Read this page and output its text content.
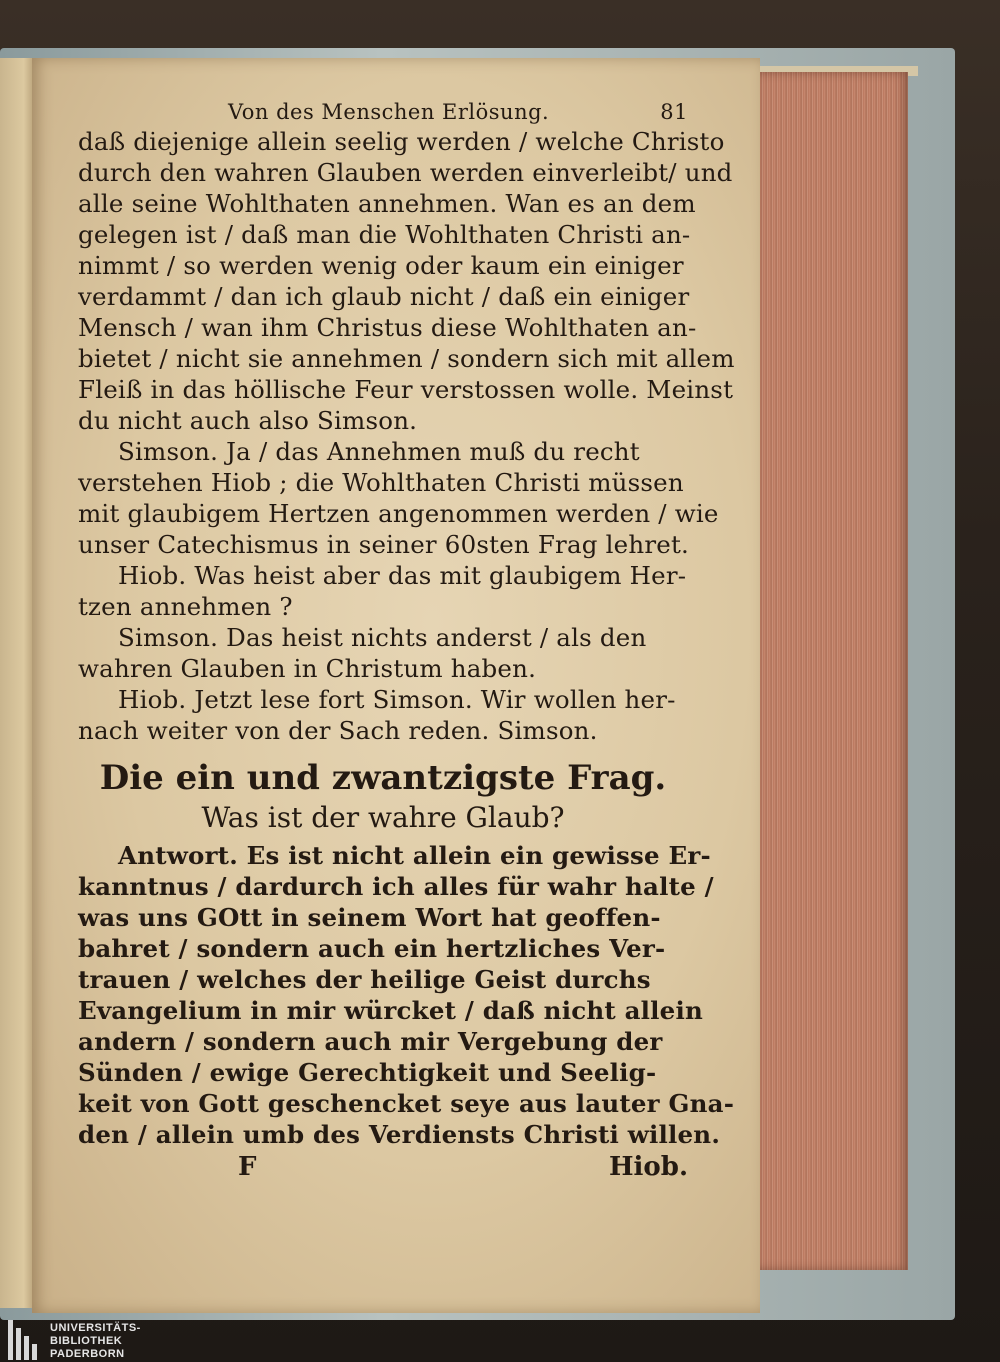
Von des Menschen Erlösung.	81
daß diejenige allein seelig werden / welche Christo
durch den wahren Glauben werden einverleibt/ und
alle seine Wohlthaten annehmen. Wan es an dem
gelegen ist / daß man die Wohlthaten Christi an-
nimmt / so werden wenig oder kaum ein einiger
verdammt / dan ich glaub nicht / daß ein einiger
Mensch / wan ihm Christus diese Wohlthaten an-
bietet / nicht sie annehmen / sondern sich mit allem
Fleiß in das höllische Feur verstossen wolle. Meinst
du nicht auch also Simson.
Simson. Ja / das Annehmen muß du recht
verstehen Hiob ; die Wohlthaten Christi müssen
mit glaubigem Hertzen angenommen werden / wie
unser Catechismus in seiner 60sten Frag lehret.
Hiob. Was heist aber das mit glaubigem Her-
tzen annehmen ?
Simson. Das heist nichts anderst / als den
wahren Glauben in Christum haben.
Hiob. Jetzt lese fort Simson. Wir wollen her-
nach weiter von der Sach reden. Simson.
Die ein und zwantzigste Frag.
Was ist der wahre Glaub?
Antwort. Es ist nicht allein ein gewisse Er-
kanntnus / dardurch ich alles für wahr halte /
was uns GOtt in seinem Wort hat geoffen-
bahret / sondern auch ein hertzliches Ver-
trauen / welches der heilige Geist durchs
Evangelium in mir würcket / daß nicht allein
andern / sondern auch mir Vergebung der
Sünden / ewige Gerechtigkeit und Seelig-
keit von Gott geschencket seye aus lauter Gna-
den / allein umb des Verdiensts Christi willen.
F	Hiob.
UNIVERSITÄTS-
BIBLIOTHEK
PADERBORN
